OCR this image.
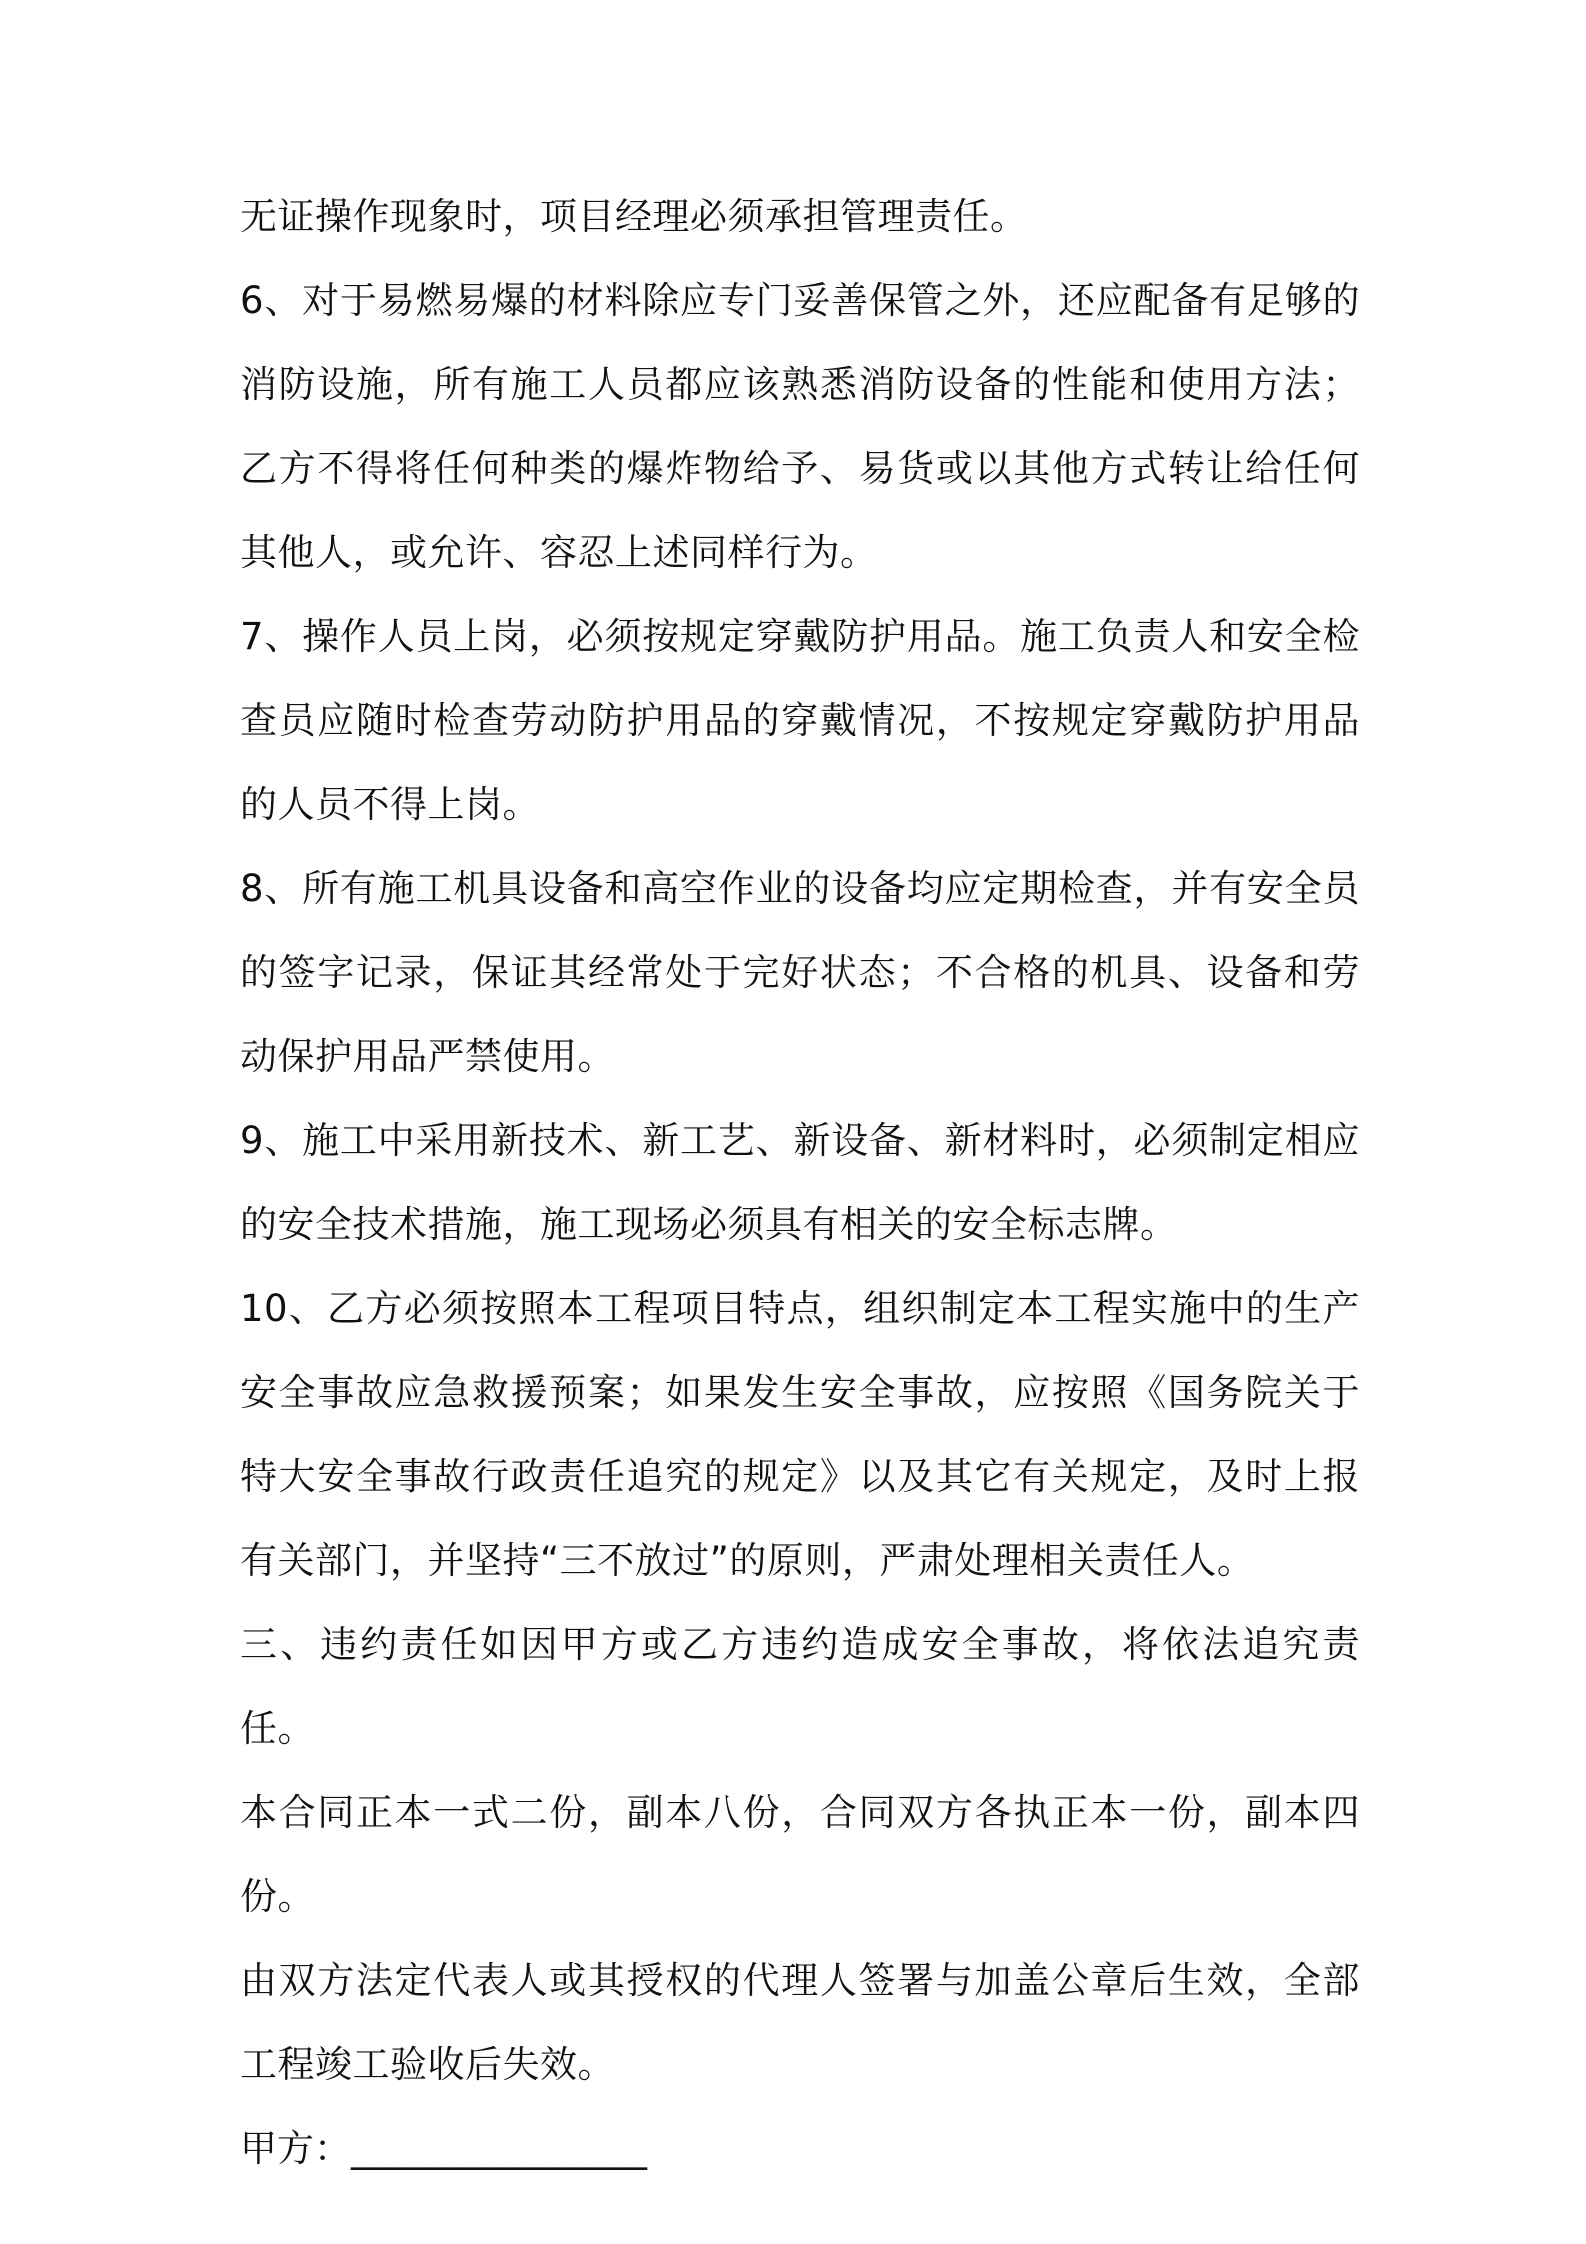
无证操作现象时，项目经理必须承担管理责任。

6、对于易燃易爆的材料除应专门妥善保管之外，还应配备有足够的消防设施，所有施工人员都应该熟悉消防设备的性能和使用方法；乙方不得将任何种类的爆炸物给予、易货或以其他方式转让给任何其他人，或允许、容忍上述同样行为。

7、操作人员上岗，必须按规定穿戴防护用品。施工负责人和安全检查员应随时检查劳动防护用品的穿戴情况，不按规定穿戴防护用品的人员不得上岗。

8、所有施工机具设备和高空作业的设备均应定期检查，并有安全员的签字记录，保证其经常处于完好状态；不合格的机具、设备和劳动保护用品严禁使用。

9、施工中采用新技术、新工艺、新设备、新材料时，必须制定相应的安全技术措施，施工现场必须具有相关的安全标志牌。

10、乙方必须按照本工程项目特点，组织制定本工程实施中的生产安全事故应急救援预案；如果发生安全事故，应按照《国务院关于特大安全事故行政责任追究的规定》以及其它有关规定，及时上报有关部门，并坚持“三不放过”的原则，严肃处理相关责任人。

三、违约责任如因甲方或乙方违约造成安全事故，将依法追究责任。

本合同正本一式二份，副本八份，合同双方各执正本一份，副本四份。

由双方法定代表人或其授权的代理人签署与加盖公章后生效，全部工程竣工验收后失效。

甲方：________________
